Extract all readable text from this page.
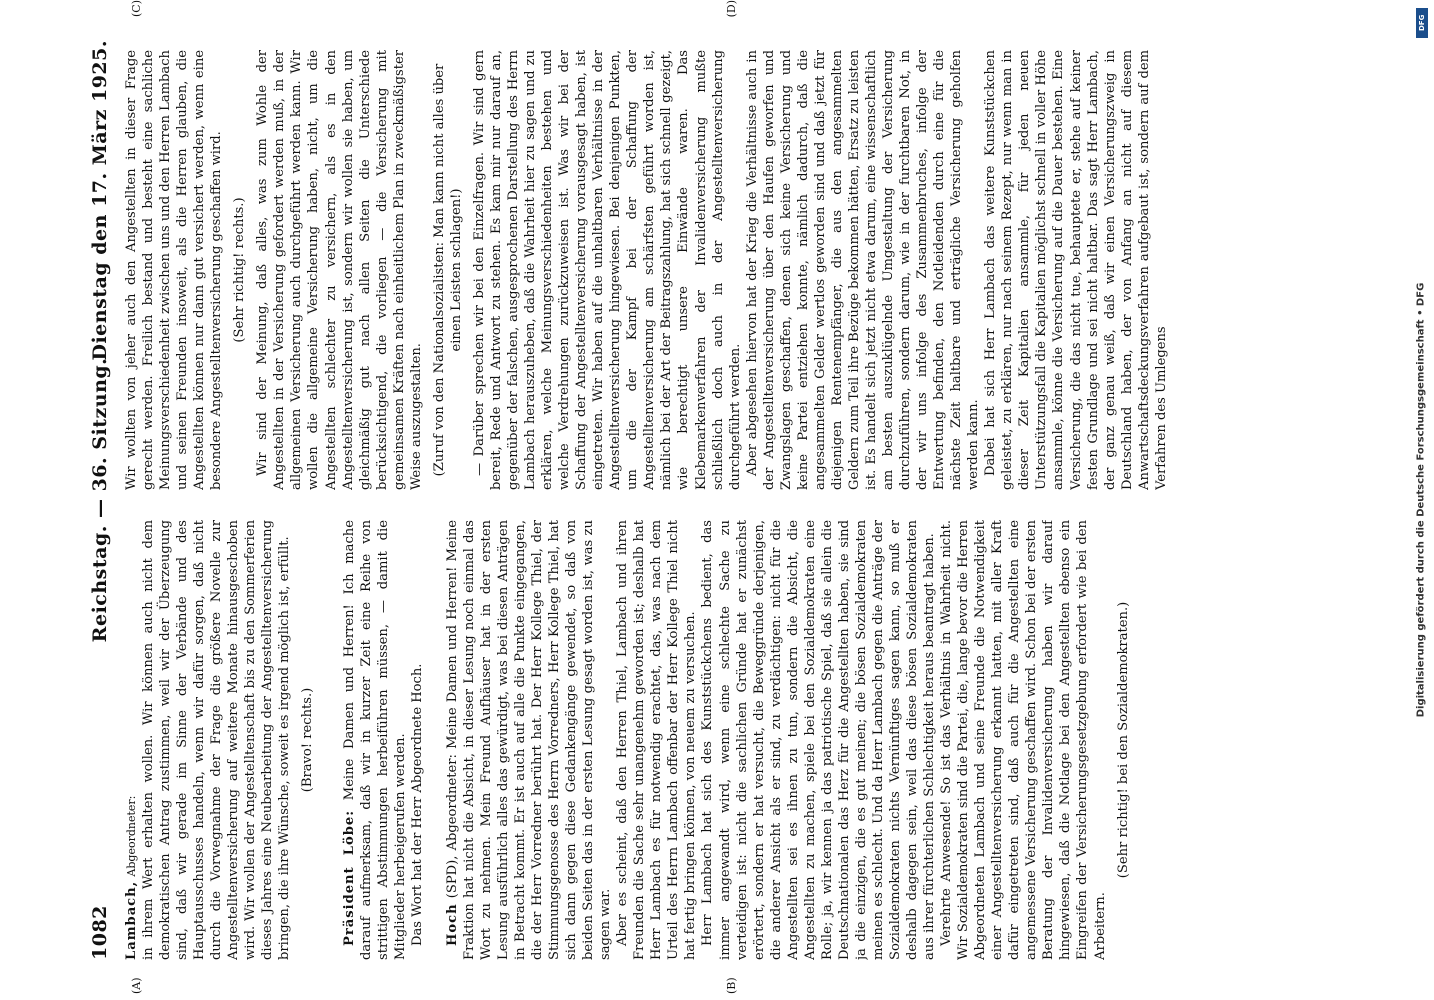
1082
Reichstag. — 36. Sitzung.
Dienstag den 17. März 1925.
(A)	(B)
(C)	(D)

Lambach, Abgeordneter: in ihrem Wert erhalten wollen. Wir können auch nicht dem demokratischen Antrag zustimmen, weil wir der Überzeugung sind, daß wir gerade im Sinne der Verbände und des Hauptausschusses handeln, wenn wir dafür sorgen, daß nicht durch die Vorwegnahme der Frage die größere Novelle zur Angestelltenversicherung auf weitere Monate hinausgeschoben wird. Wir wollen der Angestelltenschaft bis zu den Sommerferien dieses Jahres eine Neubearbeitung der Angestelltenversicherung bringen, die ihre Wünsche, soweit es irgend möglich ist, erfüllt. (Bravo! rechts.)

Präsident Löbe: Meine Damen und Herren! Ich mache darauf aufmerksam, daß wir in kurzer Zeit eine Reihe von strittigen Abstimmungen herbeiführen müssen, — damit die Mitglieder herbeigerufen werden. Das Wort hat der Herr Abgeordnete Hoch. Hoch (SPD), Abgeordneter: Meine Damen und Herren! Meine Fraktion hat nicht die Absicht, in dieser Lesung noch einmal das Wort zu nehmen. Mein Freund Aufhäuser hat in der ersten Lesung ausführlich alles das gewürdigt, was bei diesen Anträgen in Betracht kommt. Er ist auch auf alle die Punkte eingegangen, die der Herr Vorredner berührt hat. Der Herr Kollege Thiel, der Stimmungsgenosse des Herrn Vorredners, Herr Kollege Thiel, hat sich dann gegen diese Gedankengänge gewendet, so daß von beiden Seiten das in der ersten Lesung gesagt worden ist, was zu sagen war. Aber es scheint, daß den Herren Thiel, Lambach und ihren Freunden die Sache sehr unangenehm geworden ist; deshalb hat Herr Lambach es für notwendig erachtet, das, was nach dem Urteil des Herrn Lambach offenbar der Herr Kollege Thiel nicht hat fertig bringen können, von neuem zu versuchen. Herr Lambach hat sich des Kunststückchens bedient, das immer angewandt wird, wenn eine schlechte Sache zu verteidigen ist: nicht die sachlichen Gründe hat er zunächst erörtert, sondern er hat versucht, die Beweggründe derjenigen, die anderer Ansicht als er sind, zu verdächtigen: nicht für die Angestellten sei es ihnen zu tun, sondern die Absicht, die Angestellten zu machen, spiele bei den Sozialdemokraten eine Rolle; ja, wir kennen ja das patriotische Spiel, daß sie allein die Deutschnationalen das Herz für die Angestellten haben, sie sind ja die einzigen, die es gut meinen; die bösen Sozialdemokraten meinen es schlecht. Und da Herr Lambach gegen die Anträge der Sozialdemokraten nichts Vernünftiges sagen kann, so muß er deshalb dagegen sein, weil das diese bösen Sozialdemokraten aus ihrer fürchterlichen Schlechtigkeit heraus beantragt haben. Verehrte Anwesende! So ist das Verhältnis in Wahrheit nicht. Wir Sozialdemokraten sind die Partei, die, lange bevor die Herren Abgeordneten Lambach und seine Freunde die Notwendigkeit einer Angestelltenversicherung erkannt hatten, mit aller Kraft dafür eingetreten sind, daß auch für die Angestellten eine angemessene Versicherung geschaffen wird. Schon bei der ersten Beratung der Invalidenversicherung haben wir darauf hingewiesen, daß die Notlage bei den Angestellten ebenso ein Eingreifen der Versicherungsgesetzgebung erfordert wie bei den Arbeitern.

(Sehr richtig! bei den Sozialdemokraten.)

Wir wollten von jeher auch den Angestellten in dieser Frage gerecht werden. Freilich bestand und besteht eine sachliche Meinungsverschiedenheit zwischen uns und den Herren Lambach und seinen Freunden insoweit, als die Herren glauben, die Angestellten können nur dann gut versichert werden, wenn eine besondere Angestelltenversicherung geschaffen wird. (Sehr richtig! rechts.) Wir sind der Meinung, daß alles, was zum Wohle der Angestellten in der Versicherung gefordert werden muß, in der allgemeinen Versicherung auch durchgeführt werden kann. Wir wollen die allgemeine Versicherung haben, nicht, um die Angestellten schlechter zu versichern, als es in den Angestelltenversicherung ist, sondern wir wollen sie haben, um gleichmäßig gut nach allen Seiten die Unterschiede berücksichtigend, die vorliegen — die Versicherung mit gemeinsamen Kräften nach einheitlichem Plan in zweckmäßigster Weise auszugestalten. (Zuruf von den Nationalsozialisten: Man kann nicht alles über einen Leisten schlagen!) — Darüber sprechen wir bei den Einzelfragen. Wir sind gern bereit, Rede und Antwort zu stehen. Es kam mir nur darauf an, gegenüber der falschen, ausgesprochenen Darstellung des Herrn Lambach herauszuheben, daß die Wahrheit hier zu sagen und zu erklären, welche Meinungsverschiedenheiten bestehen und welche Verdrehungen zurückzuweisen ist. Was wir bei der Schaffung der Angestelltenversicherung vorausgesagt haben, ist eingetreten. Wir haben auf die unhaltbaren Verhältnisse in der Angestelltenversicherung hingewiesen. Bei denjenigen Punkten, um die der Kampf bei der Schaffung der Angestelltenversicherung am schärfsten geführt worden ist, nämlich bei der Art der Beitragszahlung, hat sich schnell gezeigt, wie berechtigt unsere Einwände waren. Das Klebemarkenverfahren der Invalidenversicherung mußte schließlich doch auch in der Angestelltenversicherung durchgeführt werden. Aber abgesehen hiervon hat der Krieg die Verhältnisse auch in der Angestelltenversicherung über den Haufen geworfen und Zwangslagen geschaffen, denen sich keine Versicherung und keine Partei entziehen konnte, nämlich dadurch, daß die angesammelten Gelder wertlos geworden sind und daß jetzt für diejenigen Rentenempfänger, die aus den angesammelten Geldern zum Teil ihre Bezüge bekommen hätten, Ersatz zu leisten ist. Es handelt sich jetzt nicht etwa darum, eine wissenschaftlich am besten auszuklügelnde Umgestaltung der Versicherung durchzuführen, sondern darum, wie in der furchtbaren Not, in der wir uns infolge des Zusammenbruches, infolge der Entwertung befinden, den Notleidenden durch eine für die nächste Zeit haltbare und erträgliche Versicherung geholfen werden kann. Dabei hat sich Herr Lambach das weitere Kunststückchen geleistet, zu erklären, nur nach seinem Rezept, nur wenn man in dieser Zeit Kapitalien ansammle, für jeden neuen Unterstützungsfall die Kapitalien möglichst schnell in voller Höhe ansammle, könne die Versicherung auf die Dauer bestehen. Eine Versicherung, die das nicht tue, behauptete er, stehe auf keiner festen Grundlage und sei nicht haltbar. Das sagt Herr Lambach, der ganz genau weiß, daß wir einen Versicherungszweig in Deutschland haben, der von Anfang an nicht auf diesem Anwartschaftsdeckungsverfahren aufgebaut ist, sondern auf dem Verfahren des Umlegens	Digitalisierung gefördert durch die Deutsche Forschungsgemeinschaft • DFG
DFG
